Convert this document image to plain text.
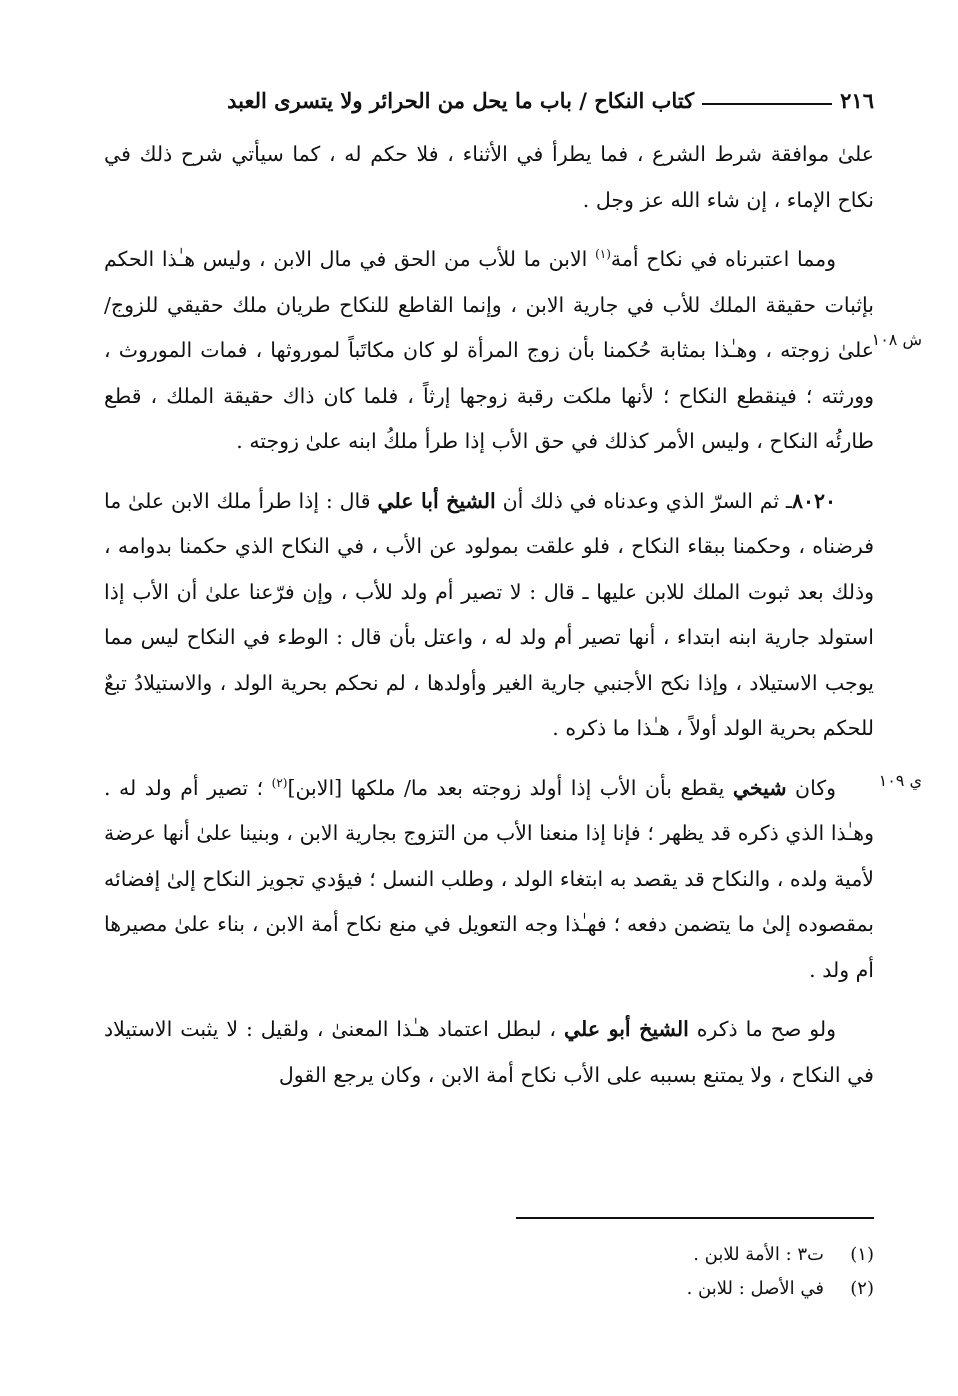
٢١٦
كتاب النكاح / باب ما يحل من الحرائر ولا يتسرى العبد

علىٰ موافقة شرط الشرع ، فما يطرأ في الأثناء ، فلا حكم له ، كما سيأتي شرح ذلك في نكاح الإماء ، إن شاء الله عز وجل .

ومما اعتبرناه في نكاح أمة$^{(١)}$ الابن ما للأب من الحق في مال الابن ، وليس هـٰذا الحكم بإثبات حقيقة الملك للأب في جارية الابن ، وإنما القاطع للنكاح طريان ملك حقيقي للزوج/ علىٰ زوجته ، وهـٰذا بمثابة حُكمنا بأن زوج المرأة لو كان مكاتَباً لموروثها ، فمات الموروث ، وورثته ؛ فينقطع النكاح ؛ لأنها ملكت رقبة زوجها إرثاً ، فلما كان ذاك حقيقة الملك ، قطع طارئُه النكاح ، وليس الأمر كذلك في حق الأب إذا طرأ ملكُ ابنه علىٰ زوجته .
ش ١٠٨

٨٠٢٠ـ ثم السرّ الذي وعدناه في ذلك أن الشيخ أبا علي قال : إذا طرأ ملك الابن علىٰ ما فرضناه ، وحكمنا ببقاء النكاح ، فلو علقت بمولود عن الأب ، في النكاح الذي حكمنا بدوامه ، وذلك بعد ثبوت الملك للابن عليها ـ قال : لا تصير أم ولد للأب ، وإن فرّعنا علىٰ أن الأب إذا استولد جارية ابنه ابتداء ، أنها تصير أم ولد له ، واعتل بأن قال : الوطء في النكاح ليس مما يوجب الاستيلاد ، وإذا نكح الأجنبي جارية الغير وأولدها ، لم نحكم بحرية الولد ، والاستيلادُ تبعٌ للحكم بحرية الولد أولاً ، هـٰذا ما ذكره .

وكان شيخي يقطع بأن الأب إذا أولد زوجته بعد ما/ ملكها [الابن]$^{(٢)}$ ؛ تصير أم ولد له . وهـٰذا الذي ذكره قد يظهر ؛ فإنا إذا منعنا الأب من التزوج بجارية الابن ، وبنينا علىٰ أنها عرضة لأمية ولده ، والنكاح قد يقصد به ابتغاء الولد ، وطلب النسل ؛ فيؤدي تجويز النكاح إلىٰ إفضائه بمقصوده إلىٰ ما يتضمن دفعه ؛ فهـٰذا وجه التعويل في منع نكاح أمة الابن ، بناء علىٰ مصيرها أم ولد .
ي ١٠٩

ولو صح ما ذكره الشيخ أبو علي ، لبطل اعتماد هـٰذا المعنىٰ ، ولقيل : لا يثبت الاستيلاد في النكاح ، ولا يمتنع بسببه على الأب نكاح أمة الابن ، وكان يرجع القول

(١)
ت٣ : الأمة للابن .
(٢)
في الأصل : للابن .
